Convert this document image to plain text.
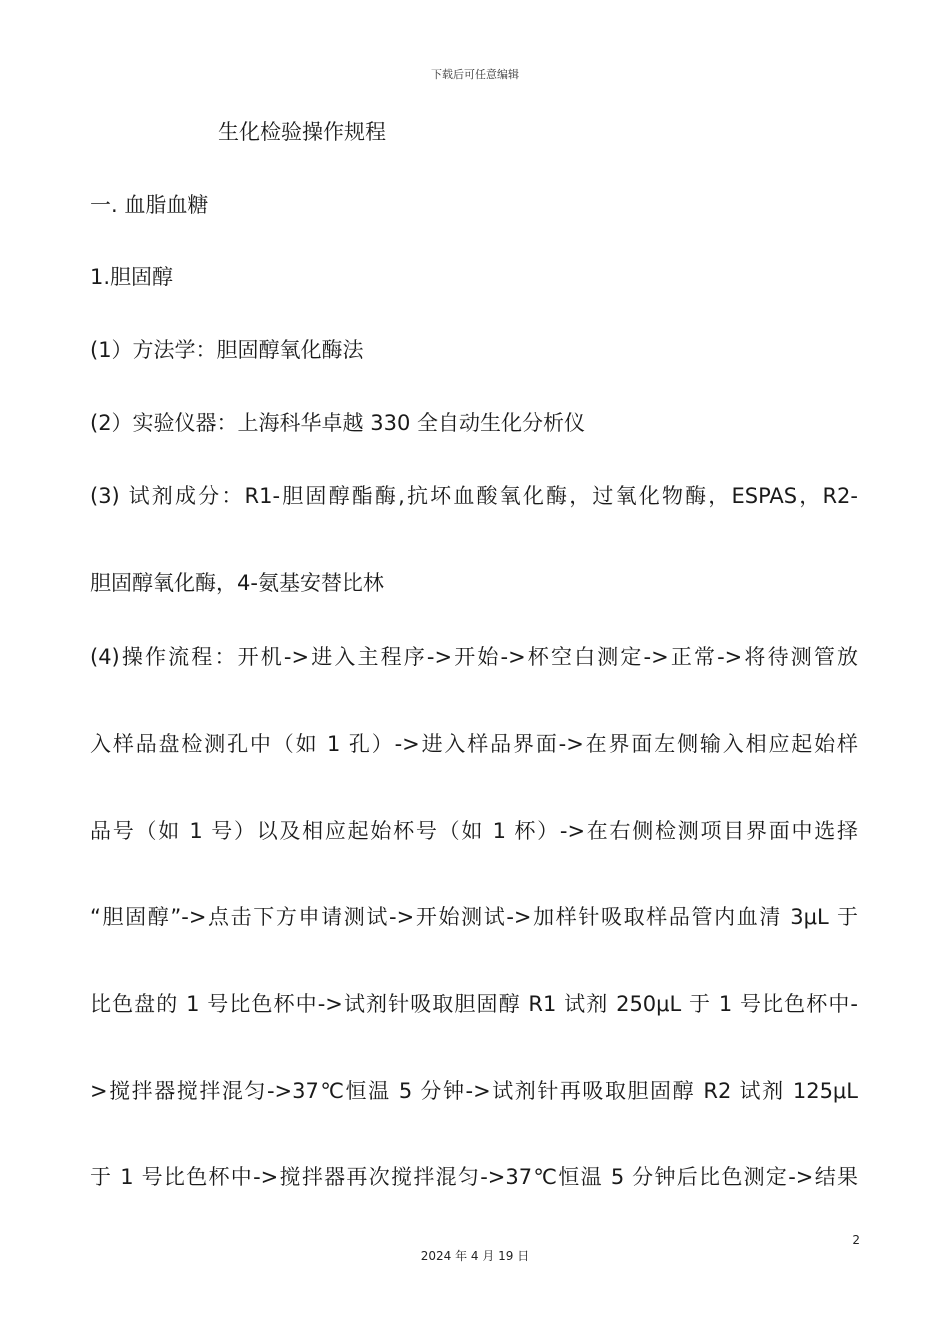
下载后可任意编辑
生化检验操作规程
一. 血脂血糖
1.胆固醇
(1）方法学：胆固醇氧化酶法
(2）实验仪器：上海科华卓越 330 全自动生化分析仪
(3) 试剂成分：R1-胆固醇酯酶,抗坏血酸氧化酶，过氧化物酶，ESPAS，R2-
胆固醇氧化酶，4-氨基安替比林
(4)操作流程：开机->进入主程序->开始->杯空白测定->正常->将待测管放
入样品盘检测孔中（如 1 孔）->进入样品界面->在界面左侧输入相应起始样
品号（如 1 号）以及相应起始杯号（如 1 杯）->在右侧检测项目界面中选择
“胆固醇”->点击下方申请测试->开始测试->加样针吸取样品管内血清 3μL 于
比色盘的 1 号比色杯中->试剂针吸取胆固醇 R1 试剂 250μL 于 1 号比色杯中-
>搅拌器搅拌混匀->37℃恒温 5 分钟->试剂针再吸取胆固醇 R2 试剂 125μL
于 1 号比色杯中->搅拌器再次搅拌混匀->37℃恒温 5 分钟后比色测定->结果
2
2024 年 4 月 19 日
